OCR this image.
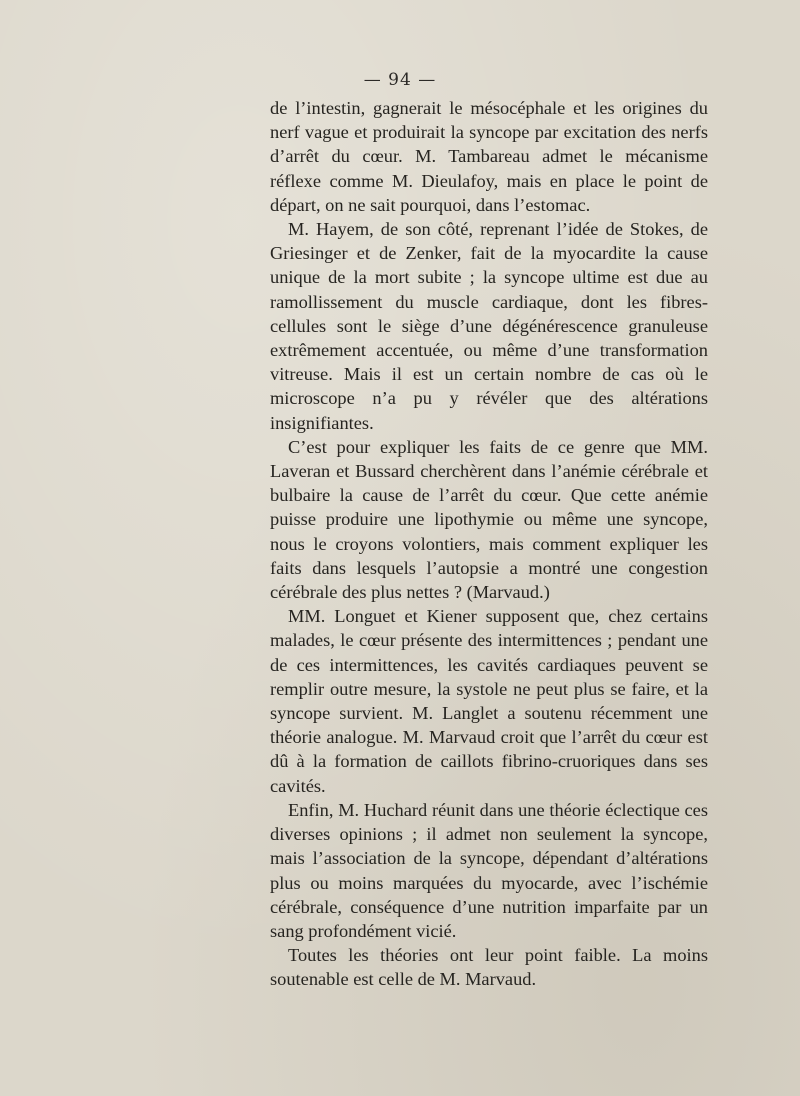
— 94 —

de l’intestin, gagnerait le mésocéphale et les origines du nerf vague et produirait la syncope par excitation des nerfs d’arrêt du cœur. M. Tambareau admet le mécanisme réflexe comme M. Dieulafoy, mais en place le point de départ, on ne sait pourquoi, dans l’estomac.

M. Hayem, de son côté, reprenant l’idée de Stokes, de Griesinger et de Zenker, fait de la myocardite la cause unique de la mort subite ; la syncope ultime est due au ramollissement du muscle cardiaque, dont les fibres-cellules sont le siège d’une dégénérescence granuleuse extrêmement accentuée, ou même d’une transformation vitreuse. Mais il est un certain nombre de cas où le microscope n’a pu y révéler que des altérations insignifiantes.

C’est pour expliquer les faits de ce genre que MM. Laveran et Bussard cherchèrent dans l’anémie cérébrale et bulbaire la cause de l’arrêt du cœur. Que cette anémie puisse produire une lipothymie ou même une syncope, nous le croyons volontiers, mais comment expliquer les faits dans lesquels l’autopsie a montré une congestion cérébrale des plus nettes ? (Marvaud.)

MM. Longuet et Kiener supposent que, chez certains malades, le cœur présente des intermittences ; pendant une de ces intermittences, les cavités cardiaques peuvent se remplir outre mesure, la systole ne peut plus se faire, et la syncope survient. M. Langlet a soutenu récemment une théorie analogue. M. Marvaud croit que l’arrêt du cœur est dû à la formation de caillots fibrino-cruoriques dans ses cavités.

Enfin, M. Huchard réunit dans une théorie éclectique ces diverses opinions ; il admet non seulement la syncope, mais l’association de la syncope, dépendant d’altérations plus ou moins marquées du myocarde, avec l’ischémie cérébrale, conséquence d’une nutrition imparfaite par un sang profondément vicié.

Toutes les théories ont leur point faible. La moins soutenable est celle de M. Marvaud.
